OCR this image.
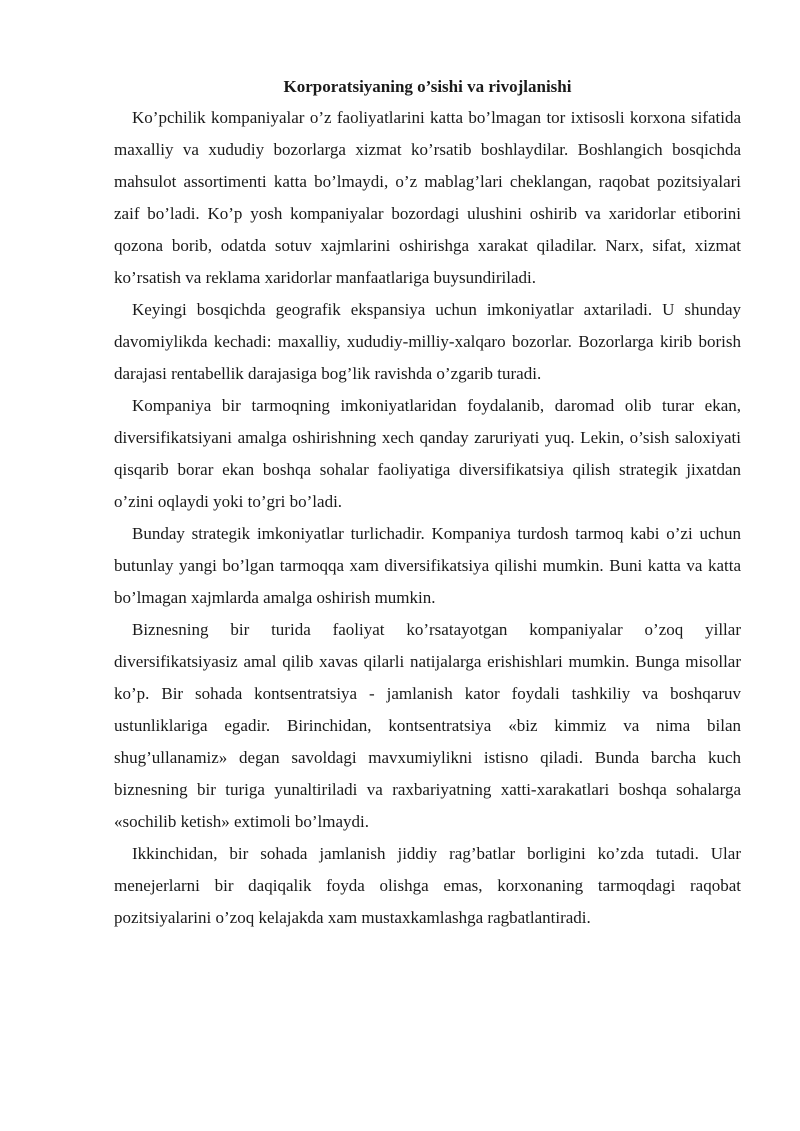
Korporatsiyaning o’sishi va rivojlanishi

Ko’pchilik kompaniyalar o’z faoliyatlarini katta bo’lmagan tor ixtisosli korxona sifatida maxalliy va xududiy bozorlarga xizmat ko’rsatib boshlaydilar. Boshlangich bosqichda mahsulot assortimenti katta bo’lmaydi, o’z mablag’lari cheklangan, raqobat pozitsiyalari zaif bo’ladi. Ko’p yosh kompaniyalar bozordagi ulushini oshirib va xaridorlar etiborini qozona borib, odatda sotuv xajmlarini oshirishga xarakat qiladilar. Narx, sifat, xizmat ko’rsatish va reklama xaridorlar manfaatlariga buysundiriladi.

Keyingi bosqichda geografik ekspansiya uchun imkoniyatlar axtariladi. U shunday davomiylikda kechadi: maxalliy, xududiy-milliy-xalqaro bozorlar. Bozorlarga kirib borish darajasi rentabellik darajasiga bog’lik ravishda o’zgarib turadi.

Kompaniya bir tarmoqning imkoniyatlaridan foydalanib, daromad olib turar ekan, diversifikatsiyani amalga oshirishning xech qanday zaruriyati yuq. Lekin, o’sish saloxiyati qisqarib borar ekan boshqa sohalar faoliyatiga diversifikatsiya qilish strategik jixatdan o’zini oqlaydi yoki to’gri bo’ladi.

Bunday strategik imkoniyatlar turlichadir. Kompaniya turdosh tarmoq kabi o’zi uchun butunlay yangi bo’lgan tarmoqqa xam diversifikatsiya qilishi mumkin. Buni katta va katta bo’lmagan xajmlarda amalga oshirish mumkin.

Biznesning bir turida faoliyat ko’rsatayotgan kompaniyalar o’zoq yillar diversifikatsiyasiz amal qilib xavas qilarli natijalarga erishishlari mumkin. Bunga misollar ko’p. Bir sohada kontsentratsiya - jamlanish kator foydali tashkiliy va boshqaruv ustunliklariga egadir. Birinchidan, kontsentratsiya «biz kimmiz va nima bilan shug’ullanamiz» degan savoldagi mavxumiylikni istisno qiladi. Bunda barcha kuch biznesning bir turiga yunaltiriladi va raxbariyatning xatti-xarakatlari boshqa sohalarga «sochilib ketish» extimoli bo’lmaydi.

Ikkinchidan, bir sohada jamlanish jiddiy rag’batlar borligini ko’zda tutadi. Ular menejerlarni bir daqiqalik foyda olishga emas, korxonaning tarmoqdagi raqobat pozitsiyalarini o’zoq kelajakda xam mustaxkamlashga ragbatlantiradi.
